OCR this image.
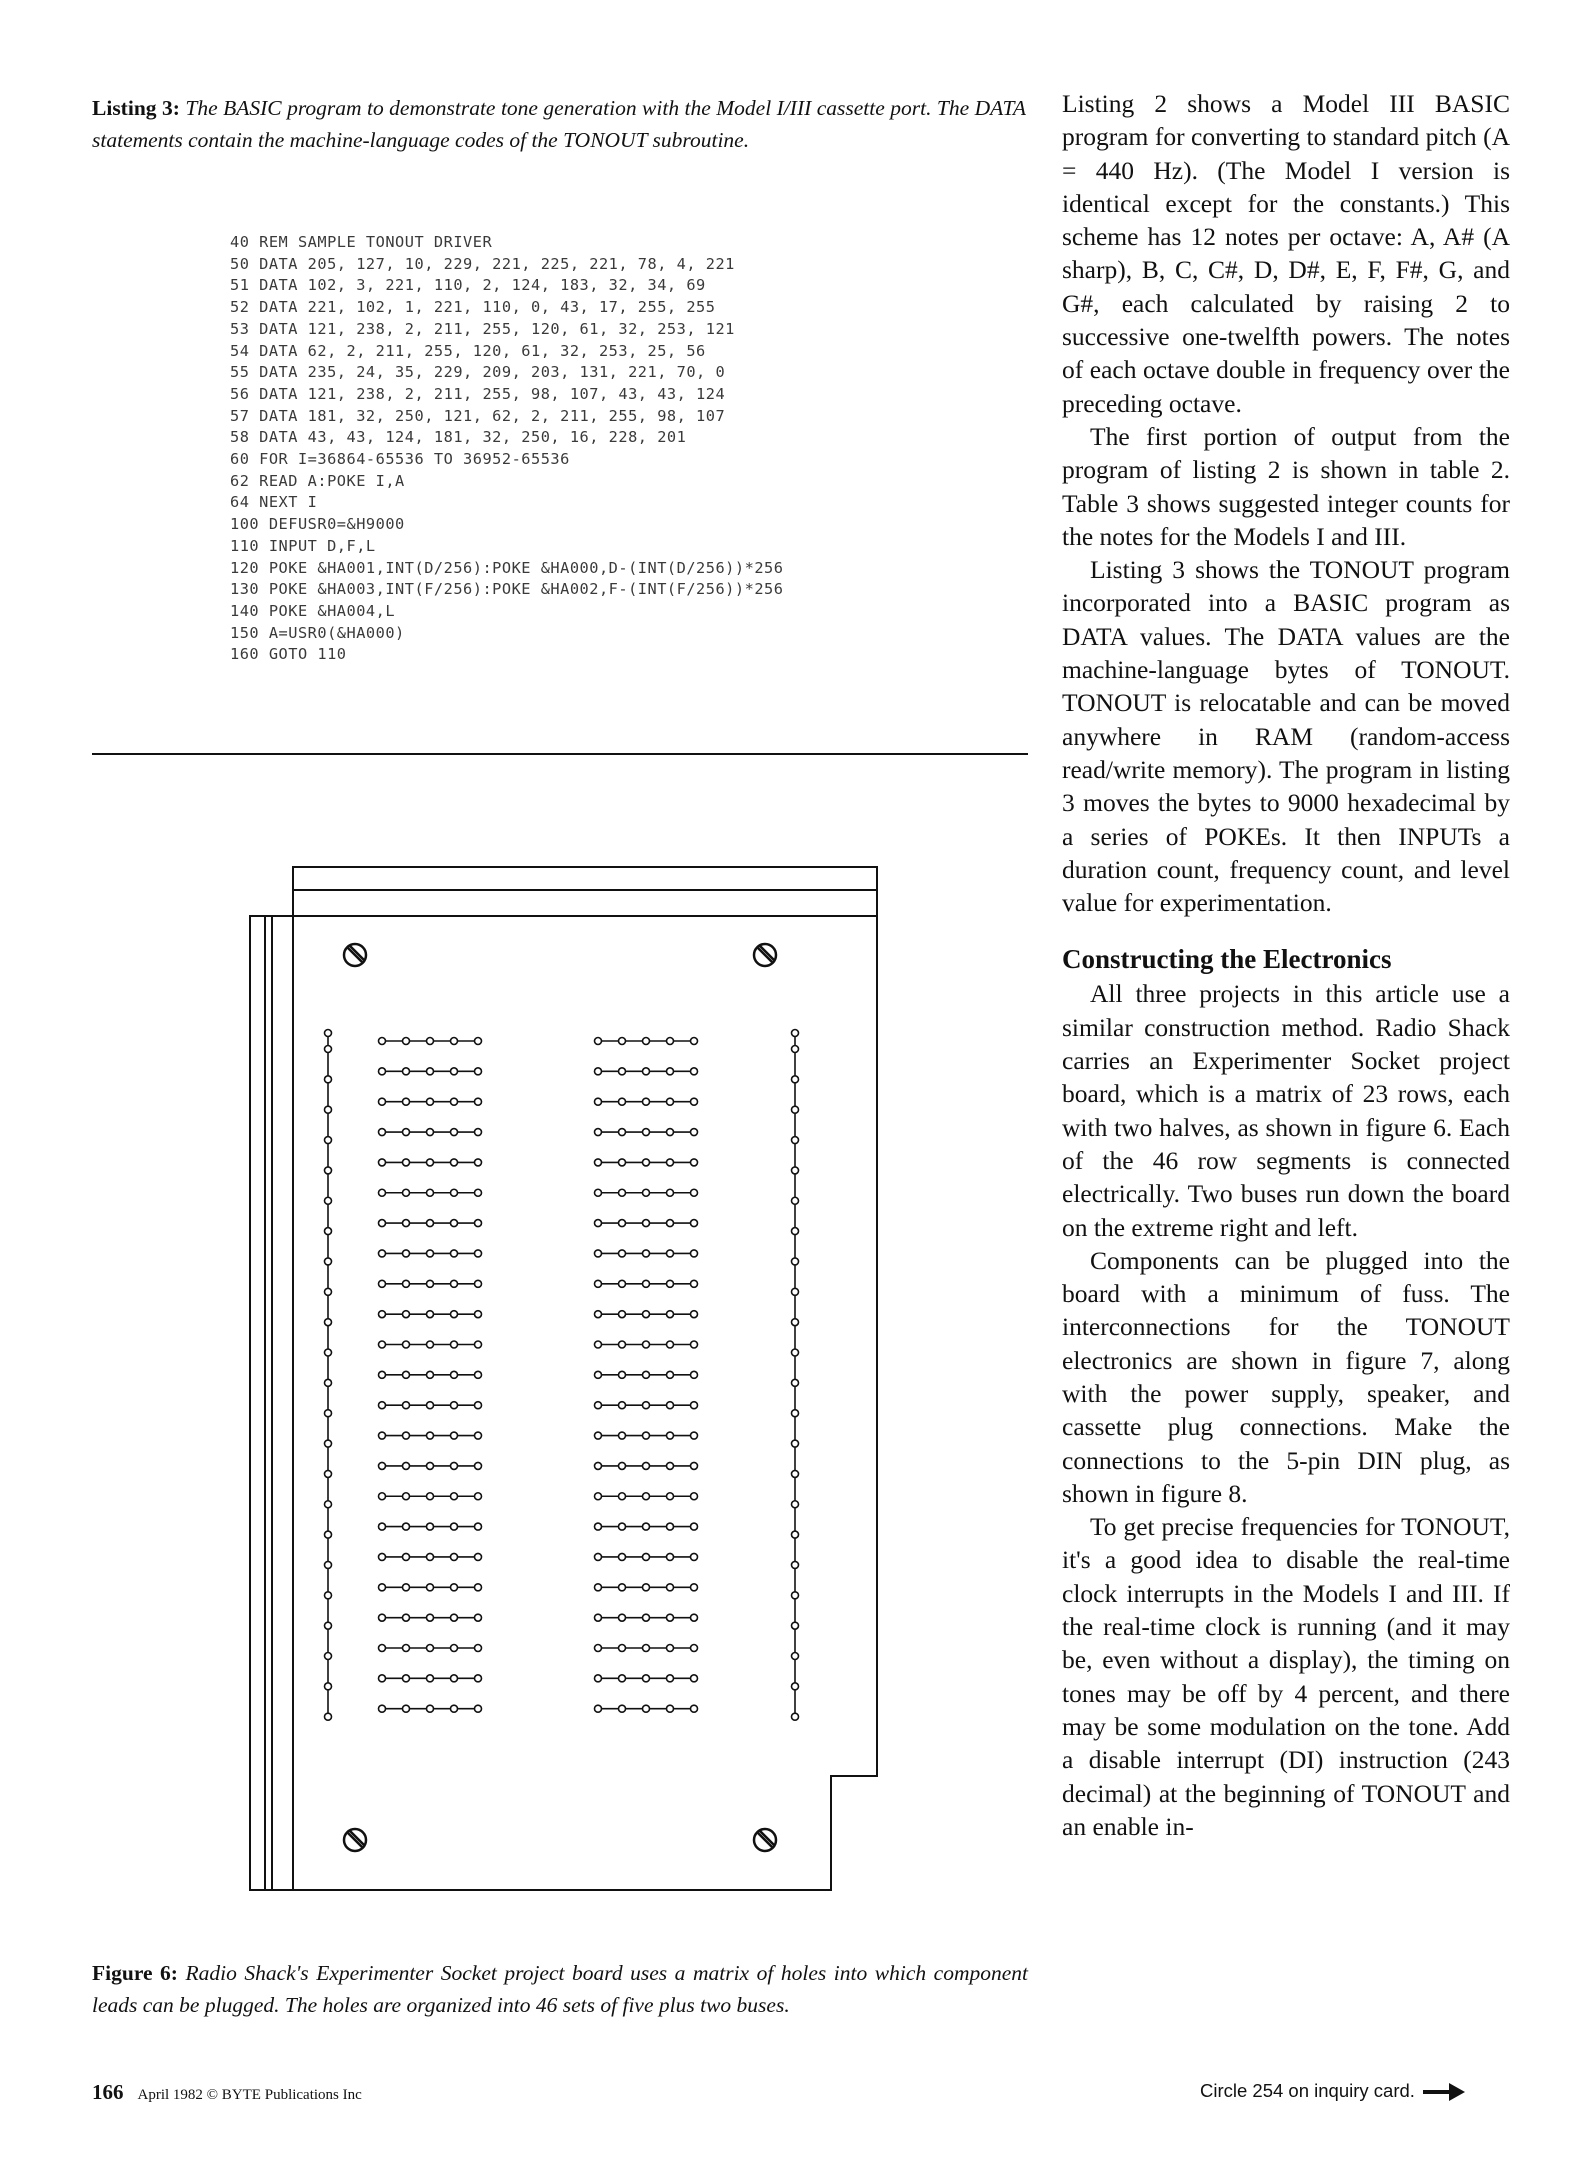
Listing 3: The BASIC program to demonstrate tone generation with the Model I/III cassette port. The DATA statements contain the machine-language codes of the TONOUT subroutine.
40 REM SAMPLE TONOUT DRIVER
50 DATA 205, 127, 10, 229, 221, 225, 221, 78, 4, 221
51 DATA 102, 3, 221, 110, 2, 124, 183, 32, 34, 69
52 DATA 221, 102, 1, 221, 110, 0, 43, 17, 255, 255
53 DATA 121, 238, 2, 211, 255, 120, 61, 32, 253, 121
54 DATA 62, 2, 211, 255, 120, 61, 32, 253, 25, 56
55 DATA 235, 24, 35, 229, 209, 203, 131, 221, 70, 0
56 DATA 121, 238, 2, 211, 255, 98, 107, 43, 43, 124
57 DATA 181, 32, 250, 121, 62, 2, 211, 255, 98, 107
58 DATA 43, 43, 124, 181, 32, 250, 16, 228, 201
60 FOR I=36864-65536 TO 36952-65536
62 READ A:POKE I,A
64 NEXT I
100 DEFUSR0=&H9000
110 INPUT D,F,L
120 POKE &HA001,INT(D/256):POKE &HA000,D-(INT(D/256))*256
130 POKE &HA003,INT(F/256):POKE &HA002,F-(INT(F/256))*256
140 POKE &HA004,L
150 A=USR0(&HA000)
160 GOTO 110
Figure 6: Radio Shack's Experimenter Socket project board uses a matrix of holes into which component leads can be plugged. The holes are organized into 46 sets of five plus two buses.

Listing 2 shows a Model III BASIC program for converting to standard pitch (A = 440 Hz). (The Model I version is identical except for the constants.) This scheme has 12 notes per octave: A, A# (A sharp), B, C, C#, D, D#, E, F, F#, G, and G#, each calculated by raising 2 to successive one-twelfth powers. The notes of each octave double in frequency over the preceding octave.

The first portion of output from the program of listing 2 is shown in table 2. Table 3 shows suggested integer counts for the notes for the Models I and III.

Listing 3 shows the TONOUT program incorporated into a BASIC program as DATA values. The DATA values are the machine-language bytes of TONOUT. TONOUT is relocatable and can be moved anywhere in RAM (random-access read/write memory). The program in listing 3 moves the bytes to 9000 hexadecimal by a series of POKEs. It then INPUTs a duration count, frequency count, and level value for experimentation.

Constructing the Electronics

All three projects in this article use a similar construction method. Radio Shack carries an Experimenter Socket project board, which is a matrix of 23 rows, each with two halves, as shown in figure 6. Each of the 46 row segments is connected electrically. Two buses run down the board on the extreme right and left.

Components can be plugged into the board with a minimum of fuss. The interconnections for the TONOUT electronics are shown in figure 7, along with the power supply, speaker, and cassette plug connections. Make the connections to the 5-pin DIN plug, as shown in figure 8.

To get precise frequencies for TONOUT, it's a good idea to disable the real-time clock interrupts in the Models I and III. If the real-time clock is running (and it may be, even without a display), the timing on tones may be off by 4 percent, and there may be some modulation on the tone. Add a disable interrupt (DI) instruction (243 decimal) at the beginning of TONOUT and an enable in-

166 April 1982 © BYTE Publications Inc	Circle 254 on inquiry card.
